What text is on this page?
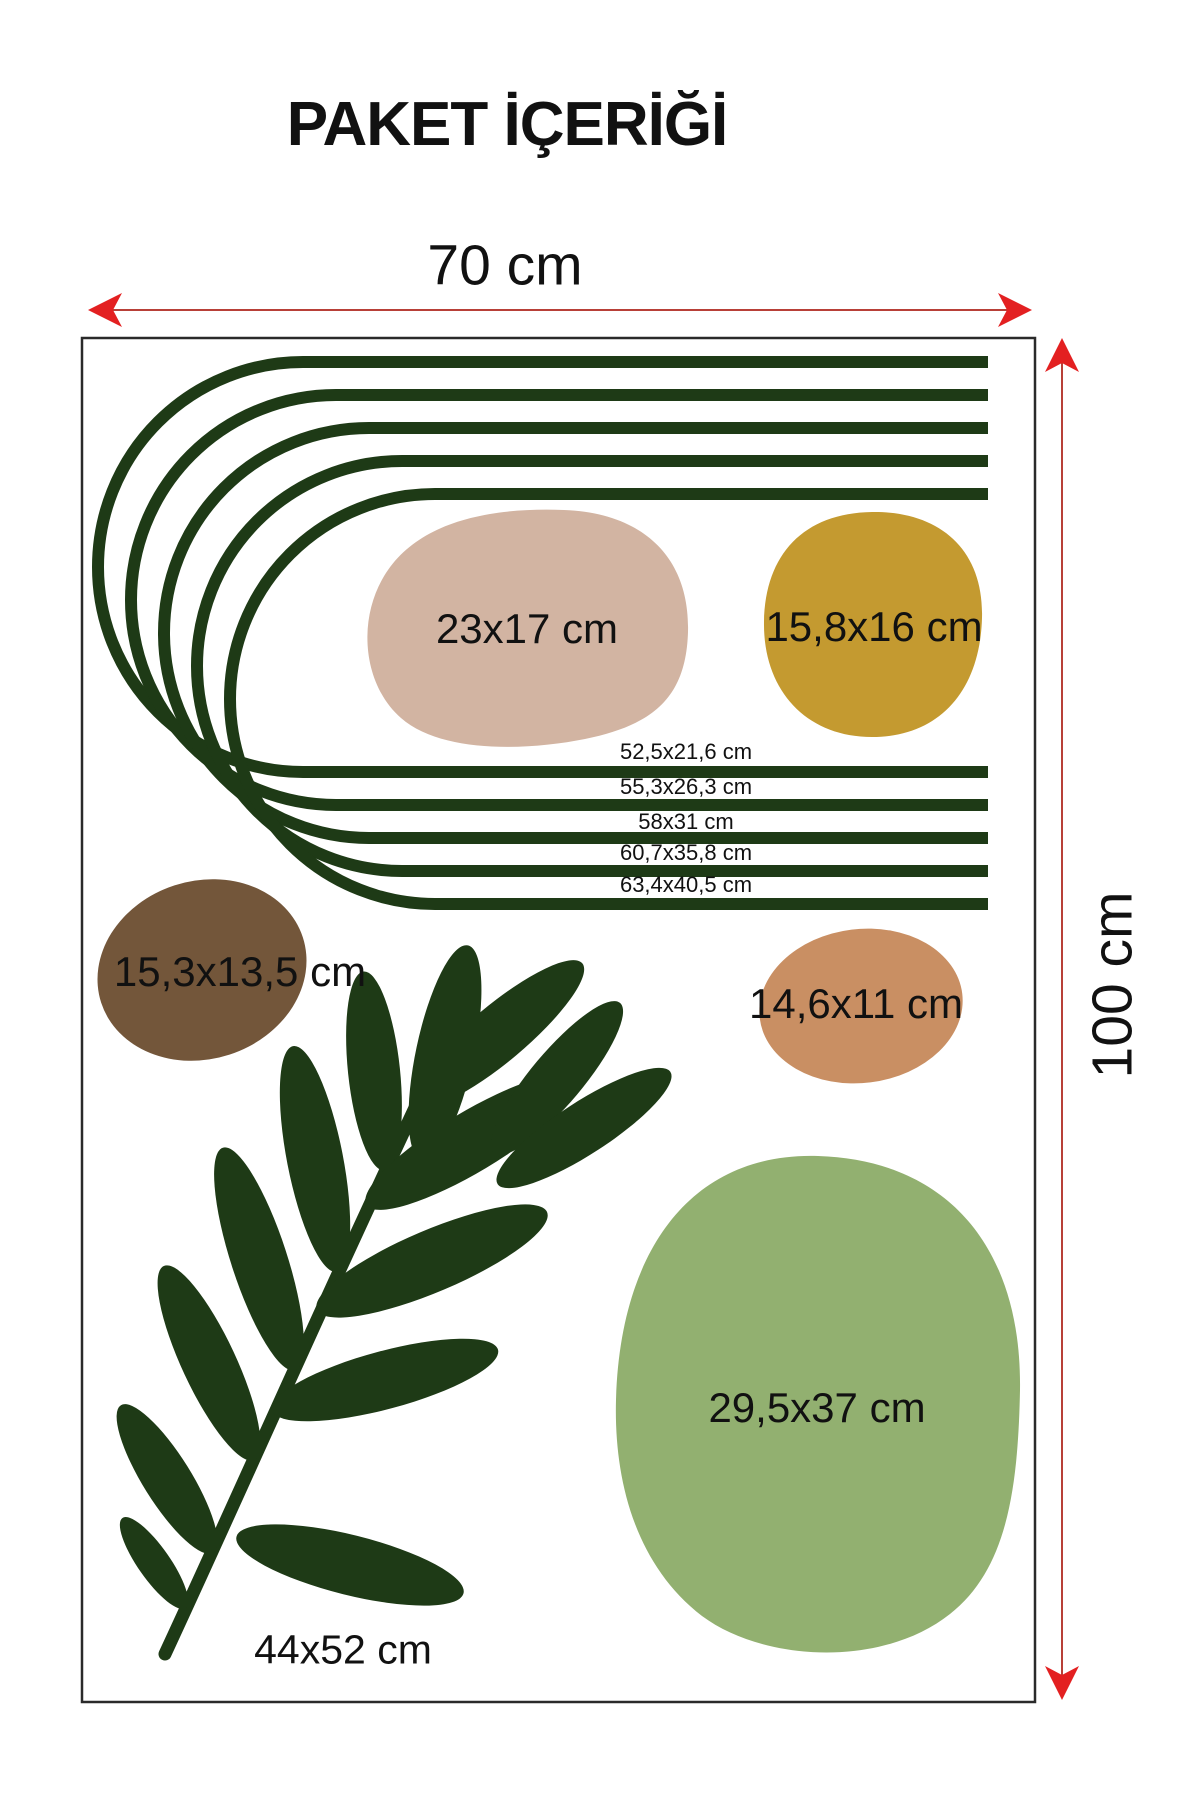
PAKET İÇERİĞİ
70 cm
100 cm
23x17 cm	15,8x16 cm
52,5x21,6 cm
55,3x26,3 cm
58x31 cm
60,7x35,8 cm
63,4x40,5 cm
15,3x13,5 cm
14,6x11 cm
29,5x37 cm
44x52 cm
